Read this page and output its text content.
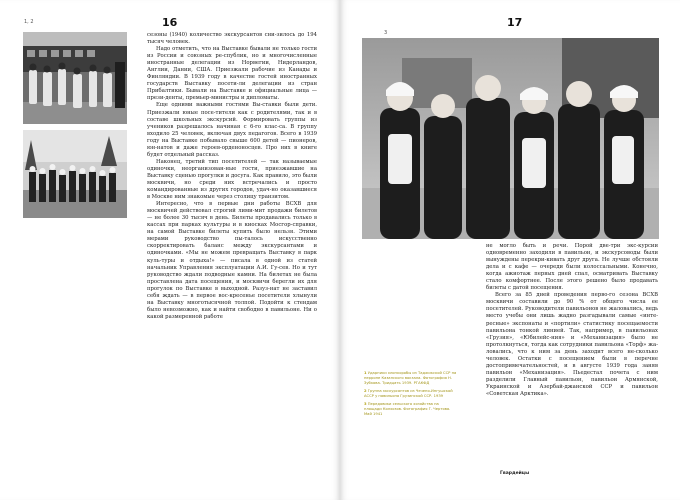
1, 2	16

сезоны (1940) количество экскурсантов сни-зилось до 194 тысяч человек.

Надо отметить, что на Выставке бывали не только гости из России и союзных ре-спублик, но и многочисленные иностранные делегации из Норвегии, Нидерландов, Англии, Дании, США. Приезжали рабочие из Канады и Финляндии. В 1939 году в качестве гостей иностранных государств Выставку посети-ли делегации из стран Прибалтики. Бывали на Выставке и официальные лица — прези-денты, премьер-министры и дипломаты.

Еще одними важными гостями Вы-ставки были дети. Приезжали юные посе-тители как с родителями, так и в составе школьных экскурсий. Формировать группы из учеников разрешалось начиная с 6-го клас-са. В группу входило 25 человек, включая двух педагогов. Всего в 1939 году на Выставке побывало свыше 600 детей — пионеров, юн-натов и даже героев-орденоносцев. Про них в книге будет отдельный рассказ.

Наконец, третий тип посетителей — так называемые одиночки, неорганизован-ные гости, приезжавшие на Выставку сценью прогулки и досуга. Как правило, это были москвичи, но среди них встречались и просто командированные из других городов, удач-но оказавшиеся в Москве ним знакомые через столицу транзитом.

Интересно, что в первые дни работы ВСХВ для москвичей действовал строгий лими-мит продажи билетов — не более 30 тысяч в день. Билеты продавались только в кассах при парках культуры и в киосках Мосгор-справки, на самой Выставке билеты купить было нельзя. Этими мерами руководство пы-талось искусственно скорректировать баланс между экскурсантами и одиночками. «Мы не можем превращать Выставку в парк куль-туры и отдыха!» — писала в одной из статей начальник Управления эксплуатации А.И. Гу-сев. Но и тут руководство ждали подводные камни. На билетах не была проставлена дата посещения, и москвичи берегли их для прогулок по Выставке в выходной. Разуз-нат не заставил себя ждать — в первое вос-кресенье посетители хлынули на Выставку многотысячной толпой. Подойти к стендам было невозможно, как и найти свободно в павильоне. Ни о какой размеренной работе

3
17
1 Ударники хлопкоробы из Таджикской ССР на перроне Казанского вокзала. Фотография Н. Зубкова. Тридцать 1939. РГАКФД
2 Группа экскурсантов из Чечено-Ингушской АССР у павильона Грузинской ССР. 1939
3 Передовики сельского хозяйства на площади Колхозов. Фотография Г. Чертова. Май 1941

не могло быть и речи. Порой две-три экс-курсии одновременно заходили в павильон, и экскурсоводы были вынуждены перекри-кивать друг друга. Не лучше обстояли дела и с кафе — очереди были колоссальными. Конечно, когда ажиотаж первых дней спал, осматривать Выставку стало комфортнее. После этого решено было продавать билеты с датой посещения.

Всего за 85 дней проведения перво-го сезона ВСХВ москвичи составили до 90 % от общего числа ее посетителей. Руководители павильонов не жаловались, ведь место учебы они лишь жадно разгадывали самые «инте-ресные» экспонаты и «портили» статистику посещаемости павильона тонкой линией. Так, например, в павильонах «Грузия», «Юбилейс-ния» и «Механизация» было не протолкнуться, тогда как сотрудники павильона «Торф» жа-ловались, что к ним за день заходит всего не-сколько человек. Остатки с посещением были в перечне достопримечательностей, и в августе 1939 года заняв павильон «Механизация». Пьедестал почета с ним разделили Главный павильон, павильон Армянской, Украинской и Азербай-джанской ССР и павильон «Советская Арктика».

Гвардейцы
